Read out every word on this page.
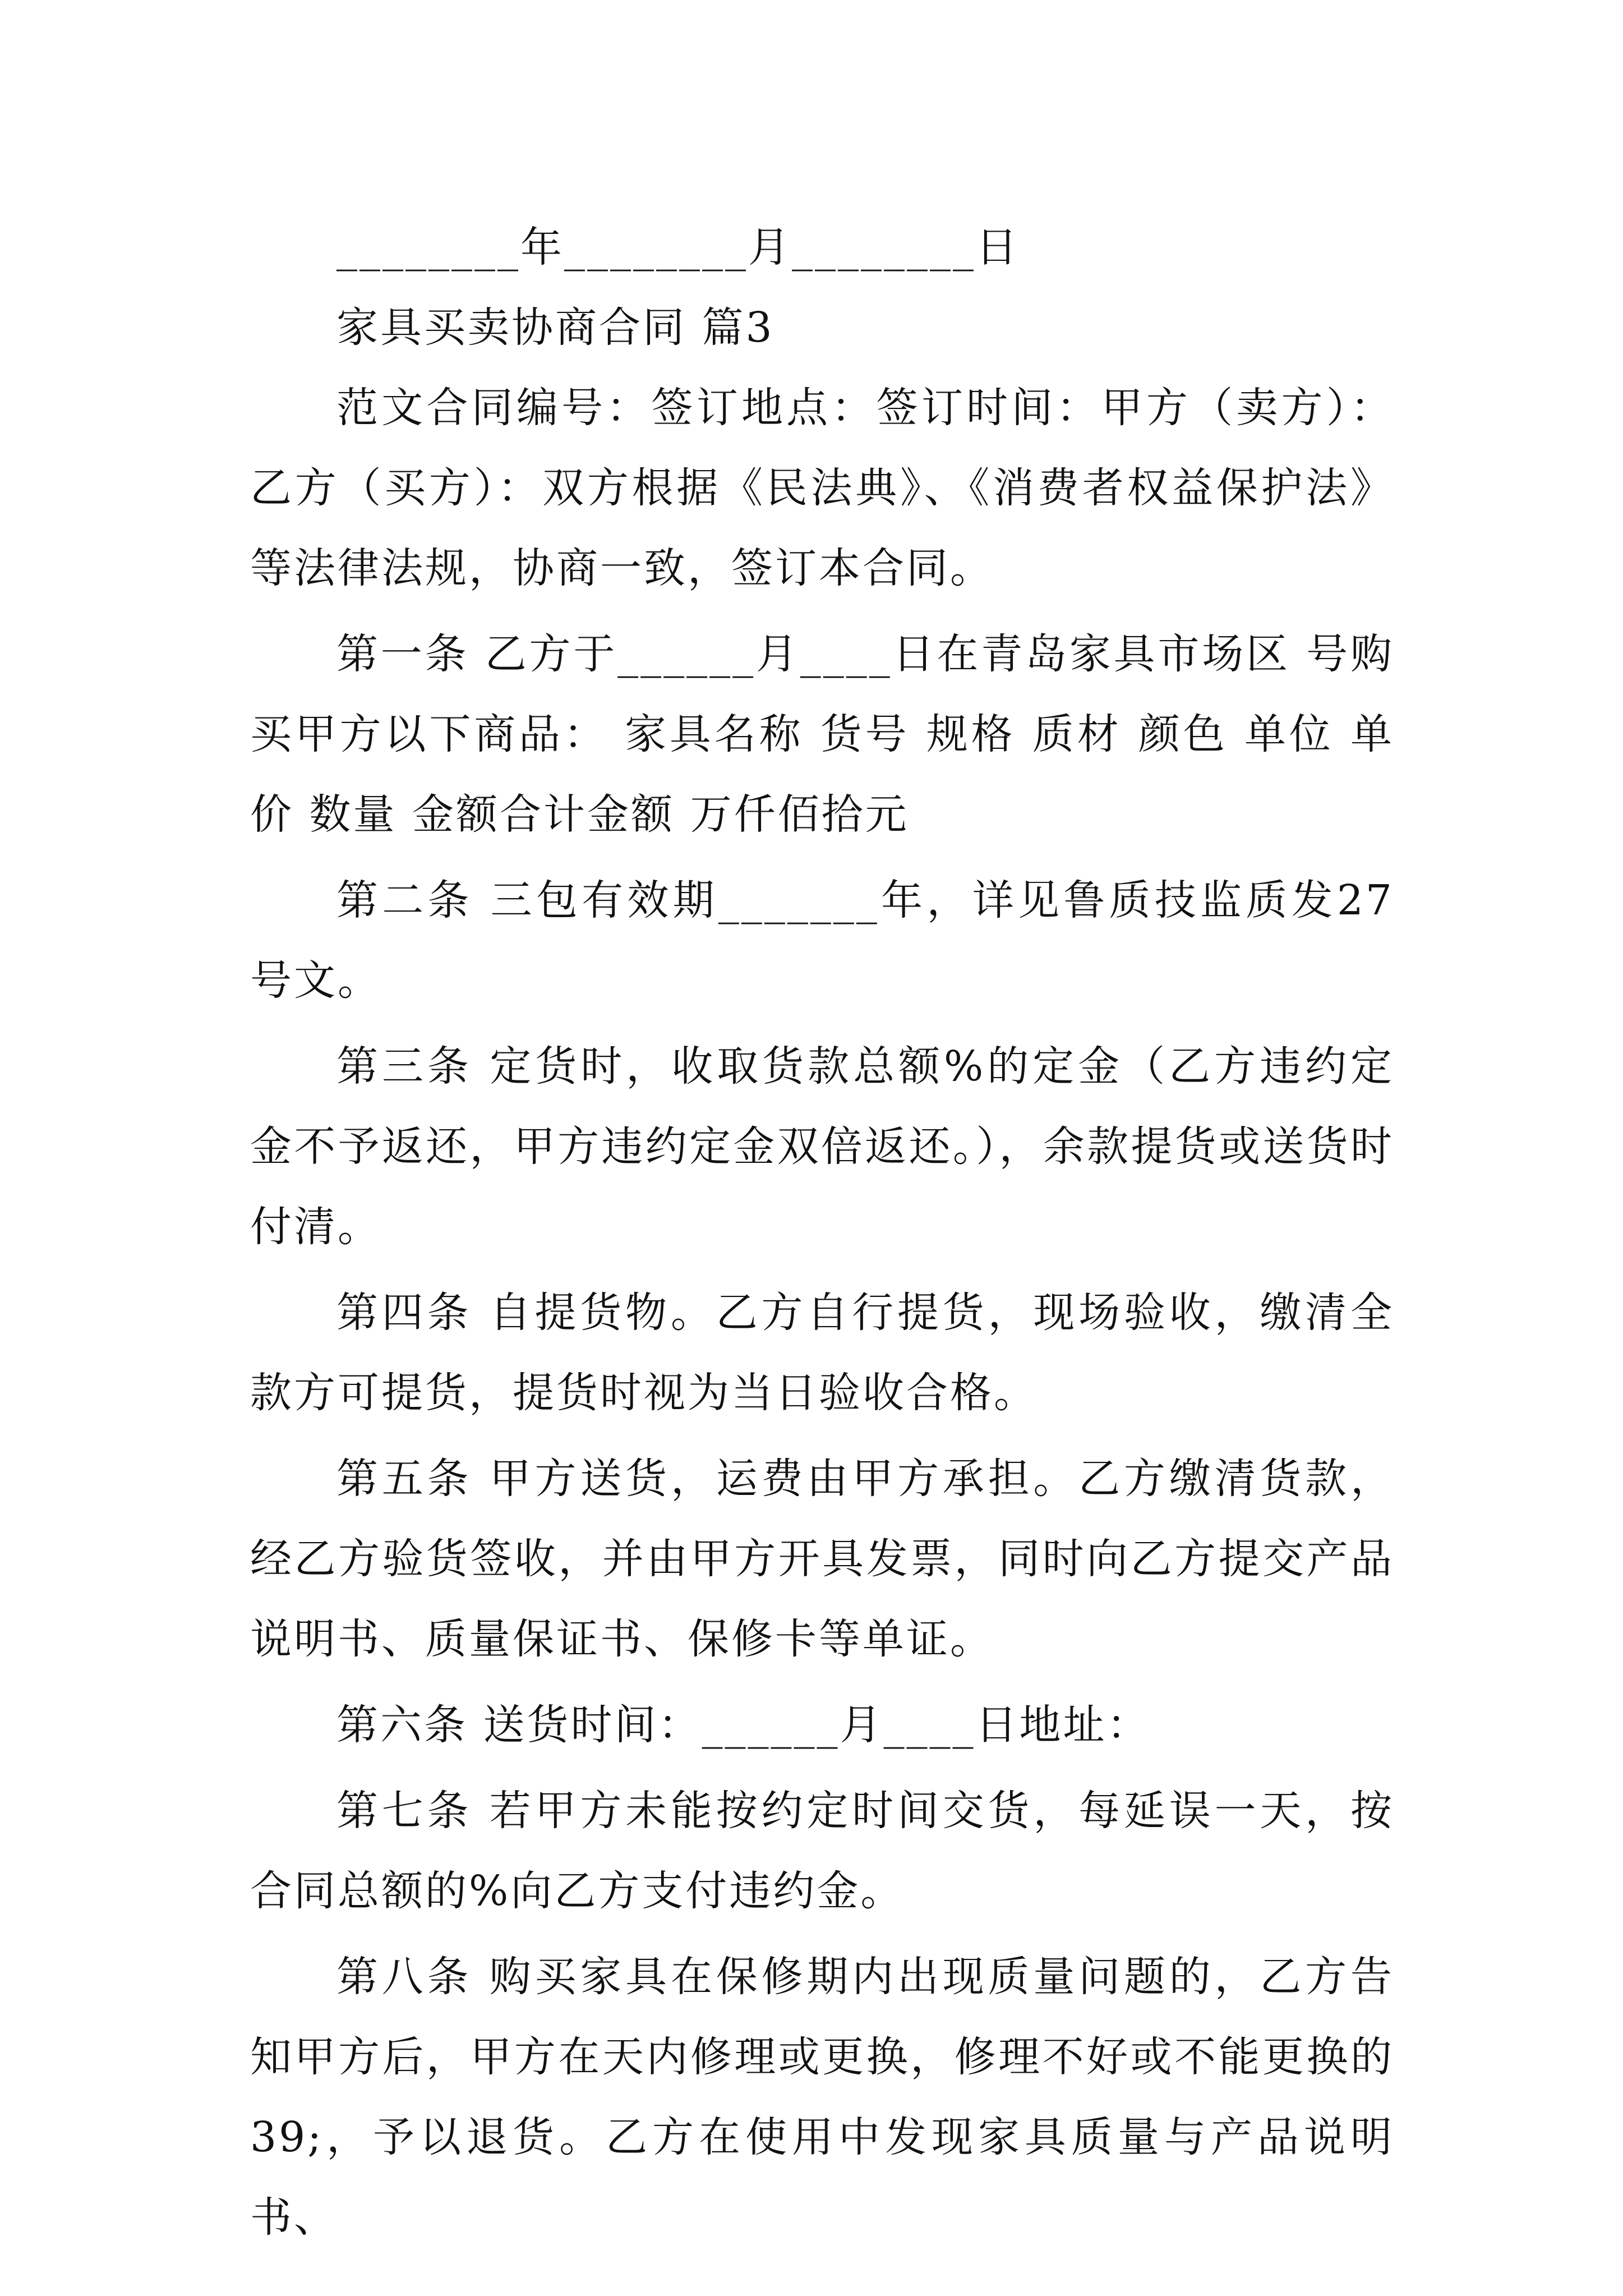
________年________月________日

家具买卖协商合同 篇3

范文合同编号：签订地点：签订时间：甲方（卖方）：乙方（买方）：双方根据《民法典》、《消费者权益保护法》等法律法规，协商一致，签订本合同。

第一条 乙方于______月____日在青岛家具市场区 号购买甲方以下商品： 家具名称 货号 规格 质材 颜色 单位 单价 数量 金额合计金额 万仟佰拾元

第二条 三包有效期_______年，详见鲁质技监质发27号文。

第三条 定货时，收取货款总额%的定金（乙方违约定金不予返还，甲方违约定金双倍返还。），余款提货或送货时付清。

第四条 自提货物。乙方自行提货，现场验收，缴清全款方可提货，提货时视为当日验收合格。

第五条 甲方送货，运费由甲方承担。乙方缴清货款，经乙方验货签收，并由甲方开具发票，同时向乙方提交产品说明书、质量保证书、保修卡等单证。

第六条 送货时间：______月____日地址：

第七条 若甲方未能按约定时间交货，每延误一天，按合同总额的%向乙方支付违约金。

第八条 购买家具在保修期内出现质量问题的，乙方告知甲方后，甲方在天内修理或更换，修理不好或不能更换的39;，予以退货。乙方在使用中发现家具质量与产品说明书、
